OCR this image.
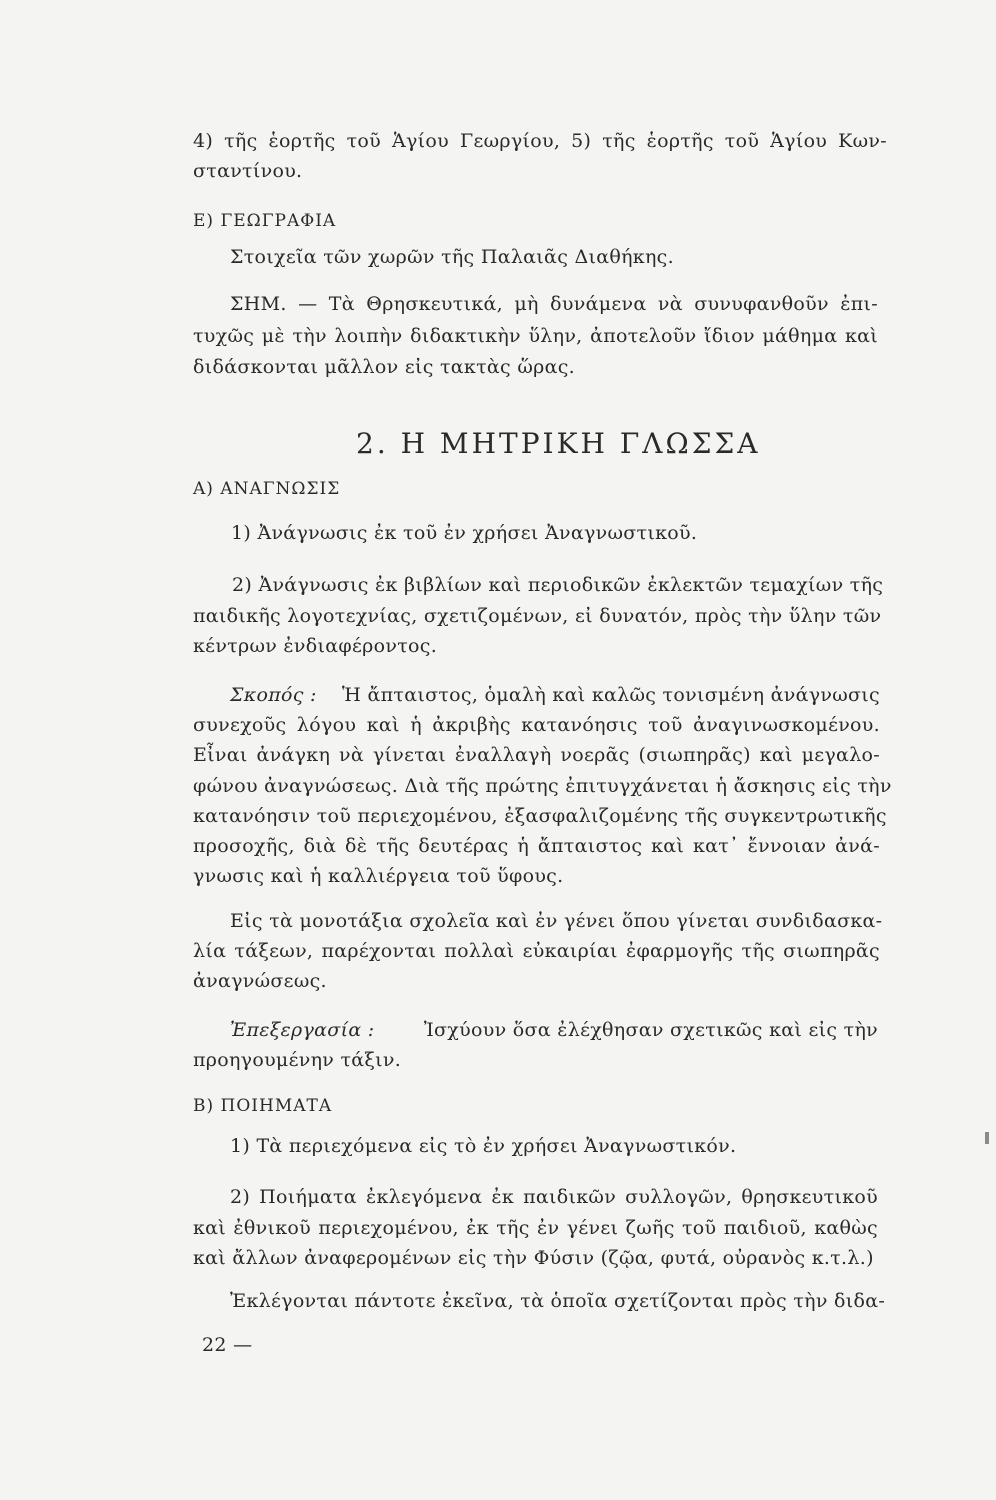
4) τῆς ἑορτῆς τοῦ Ἁγίου Γεωργίου, 5) τῆς ἑορτῆς τοῦ Ἁγίου Κων-

σταντίνου.

Ε) ΓΕΩΓΡΑΦΙΑ

Στοιχεῖα τῶν χωρῶν τῆς Παλαιᾶς Διαθήκης.

ΣΗΜ. — Τὰ Θρησκευτικά, μὴ δυνάμενα νὰ συνυφανθοῦν ἐπι-

τυχῶς μὲ τὴν λοιπὴν διδακτικὴν ὕλην, ἀποτελοῦν ἴδιον μάθημα καὶ

διδάσκονται μᾶλλον εἰς τακτὰς ὥρας.

2. Η ΜΗΤΡΙΚΗ ΓΛΩΣΣΑ

Α) ΑΝΑΓΝΩΣΙΣ

1) Ἀνάγνωσις ἐκ τοῦ ἐν χρήσει Ἀναγνωστικοῦ.

2) Ἀνάγνωσις ἐκ βιβλίων καὶ περιοδικῶν ἐκλεκτῶν τεμαχίων τῆς

παιδικῆς λογοτεχνίας, σχετιζομένων, εἰ δυνατόν, πρὸς τὴν ὕλην τῶν

κέντρων ἐνδιαφέροντος.

Σκοπός : Ἡ ἄπταιστος, ὁμαλὴ καὶ καλῶς τονισμένη ἀνάγνωσις

συνεχοῦς λόγου καὶ ἡ ἀκριβὴς κατανόησις τοῦ ἀναγινωσκομένου.

Εἶναι ἀνάγκη νὰ γίνεται ἐναλλαγὴ νοερᾶς (σιωπηρᾶς) καὶ μεγαλο-

φώνου ἀναγνώσεως. Διὰ τῆς πρώτης ἐπιτυγχάνεται ἡ ἄσκησις εἰς τὴν

κατανόησιν τοῦ περιεχομένου, ἐξασφαλιζομένης τῆς συγκεντρωτικῆς

προσοχῆς, διὰ δὲ τῆς δευτέρας ἡ ἄπταιστος καὶ κατ᾿ ἔννοιαν ἀνά-

γνωσις καὶ ἡ καλλιέργεια τοῦ ὕφους.

Εἰς τὰ μονοτάξια σχολεῖα καὶ ἐν γένει ὅπου γίνεται συνδιδασκα-

λία τάξεων, παρέχονται πολλαὶ εὐκαιρίαι ἐφαρμογῆς τῆς σιωπηρᾶς

ἀναγνώσεως.

Ἐπεξεργασία :	Ἰσχύουν ὅσα ἐλέχθησαν σχετικῶς καὶ εἰς τὴν

προηγουμένην τάξιν.

Β) ΠΟΙΗΜΑΤΑ

1) Τὰ περιεχόμενα εἰς τὸ ἐν χρήσει Ἀναγνωστικόν.

2) Ποιήματα ἐκλεγόμενα ἐκ παιδικῶν συλλογῶν, θρησκευτικοῦ

καὶ ἐθνικοῦ περιεχομένου, ἐκ τῆς ἐν γένει ζωῆς τοῦ παιδιοῦ, καθὼς

καὶ ἄλλων ἀναφερομένων εἰς τὴν Φύσιν (ζῷα, φυτά, οὐρανὸς κ.τ.λ.)

Ἐκλέγονται πάντοτε ἐκεῖνα, τὰ ὁποῖα σχετίζονται πρὸς τὴν διδα-

22 —
